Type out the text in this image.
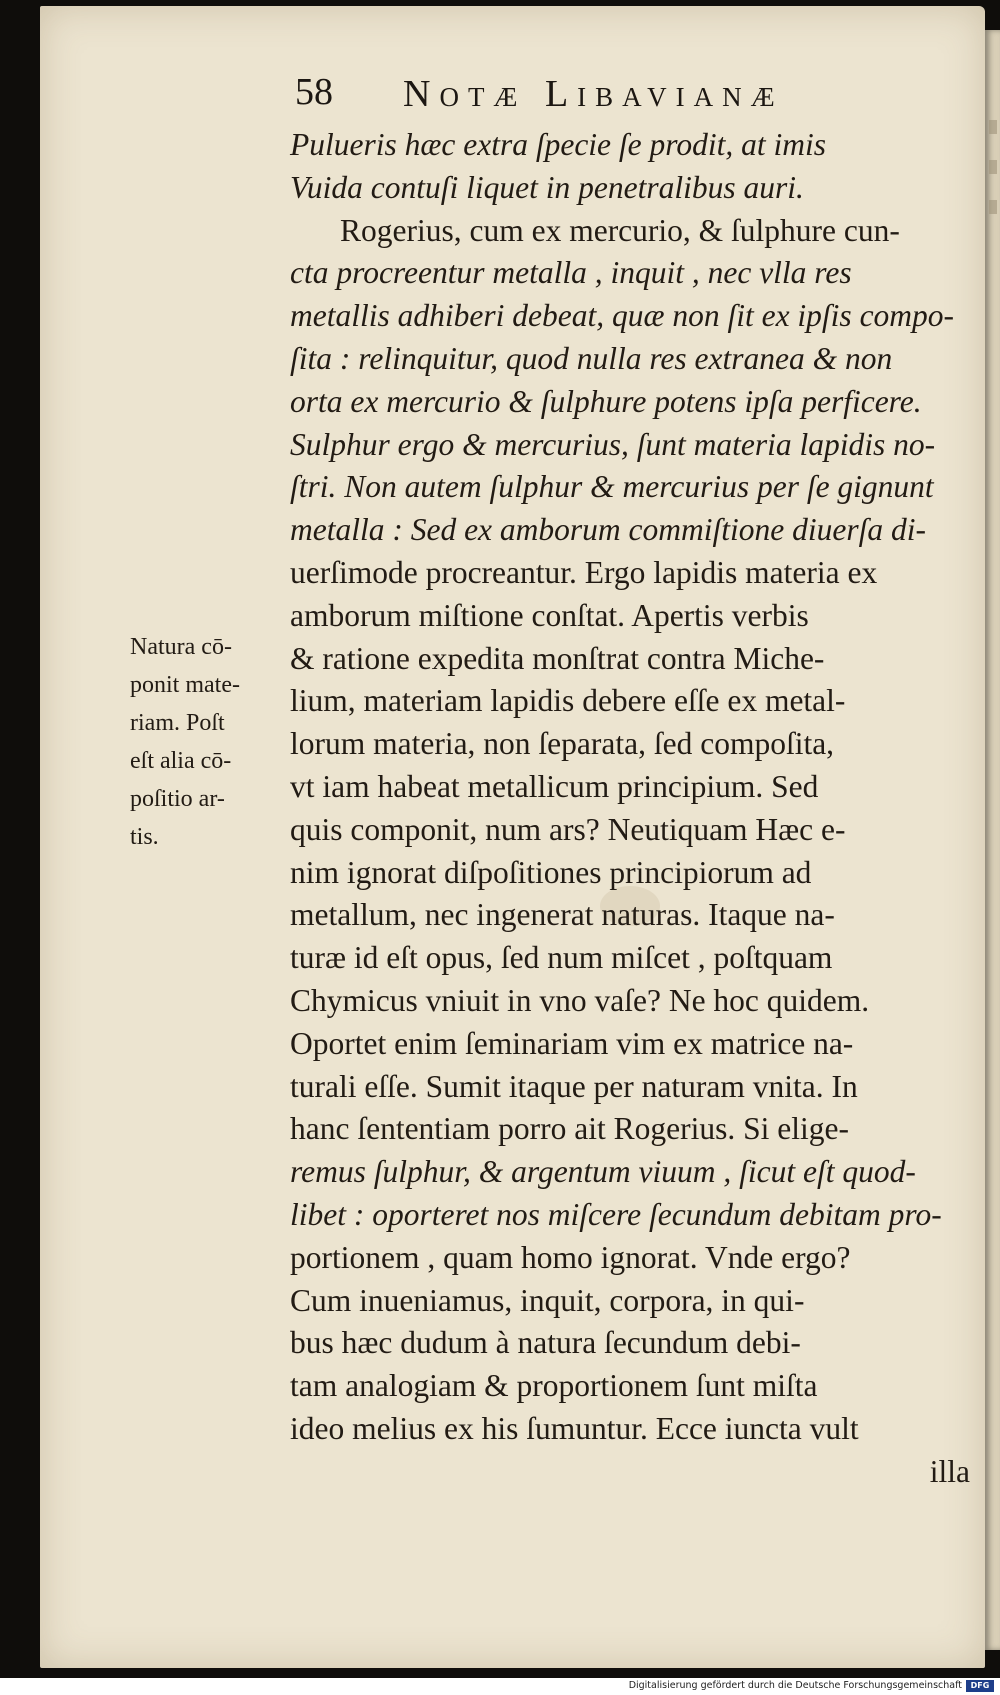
58 Notæ Libavianæ
Pulueris hæc extra ſpecie ſe prodit, at imis
Vuida contuſi liquet in penetralibus auri.
Rogerius, cum ex mercurio, & ſulphure cun-
cta procreentur metalla , inquit , nec vlla res
metallis adhiberi debeat, quæ non ſit ex ipſis compo-
ſita : relinquitur, quod nulla res extranea & non
orta ex mercurio & ſulphure potens ipſa perficere.
Sulphur ergo & mercurius, ſunt materia lapidis no-
ſtri. Non autem ſulphur & mercurius per ſe gignunt
metalla : Sed ex amborum commiſtione diuerſa di-
uerſimode procreantur. Ergo lapidis materia ex
amborum miſtione conſtat. Apertis verbis
& ratione expedita monſtrat contra Miche-
lium, materiam lapidis debere eſſe ex metal-
lorum materia, non ſeparata, ſed compoſita,
vt iam habeat metallicum principium. Sed
quis componit, num ars? Neutiquam Hæc e-
nim ignorat diſpoſitiones principiorum ad
metallum, nec ingenerat naturas. Itaque na-
turæ id eſt opus, ſed num miſcet , poſtquam
Chymicus vniuit in vno vaſe? Ne hoc quidem.
Oportet enim ſeminariam vim ex matrice na-
turali eſſe. Sumit itaque per naturam vnita. In
hanc ſententiam porro ait Rogerius. Si elige-
remus ſulphur, & argentum viuum , ſicut eſt quod-
libet : oporteret nos miſcere ſecundum debitam pro-
portionem , quam homo ignorat. Vnde ergo?
Cum inueniamus, inquit, corpora, in qui-
bus hæc dudum à natura ſecundum debi-
tam analogiam & proportionem ſunt miſta
ideo melius ex his ſumuntur. Ecce iuncta vult
illa
Natura cō-
ponit mate-
riam. Poſt
eſt alia cō-
poſitio ar-
tis.
Digitalisierung gefördert durch die Deutsche Forschungsgemeinschaft	DFG
